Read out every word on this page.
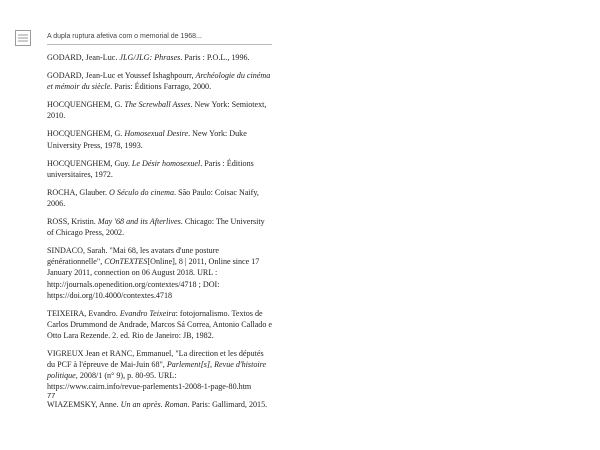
A dupla ruptura afetiva com o memorial de 1968...

GODARD, Jean-Luc. JLG/JLG: Phrases. Paris : P.O.L., 1996.

GODARD, Jean-Luc et Youssef Ishaghpourr, Archéologie du cinéma et mémoir du siècle. Paris: Éditions Farrago, 2000.

HOCQUENGHEM, G. The Screwball Asses. New York: Semiotext, 2010.

HOCQUENGHEM, G. Homosexual Desire. New York: Duke University Press, 1978, 1993.

HOCQUENGHEM, Guy. Le Désir homosexuel. Paris : Éditions universitaires, 1972.

ROCHA, Glauber. O Século do cinema. São Paulo: Coisac Naify, 2006.

ROSS, Kristin. May '68 and its Afterlives. Chicago: The University of Chicago Press, 2002.

SINDACO, Sarah. "Mai 68, les avatars d'une posture générationnelle", COnTEXTES[Online], 8 | 2011, Online since 17 January 2011, connection on 06 August 2018. URL : http://journals.openedition.org/contextes/4718 ; DOI: https://doi.org/10.4000/contextes.4718

TEIXEIRA, Evandro. Evandro Teixeira: fotojornalismo. Textos de Carlos Drummond de Andrade, Marcos Sá Correa, Antonio Callado e Otto Lara Rezende. 2. ed. Rio de Janeiro: JB, 1982.

VIGREUX Jean et RANC, Emmanuel, "La direction et les députés du PCF à l'épreuve de Mai-Juin 68", Parlement[s], Revue d'histoire politique, 2008/1 (n° 9), p. 80-95. URL: https://www.cairn.info/revue-parlements1-2008-1-page-80.htm

WIAZEMSKY, Anne. Un an après. Roman. Paris: Gallimard, 2015.

77
